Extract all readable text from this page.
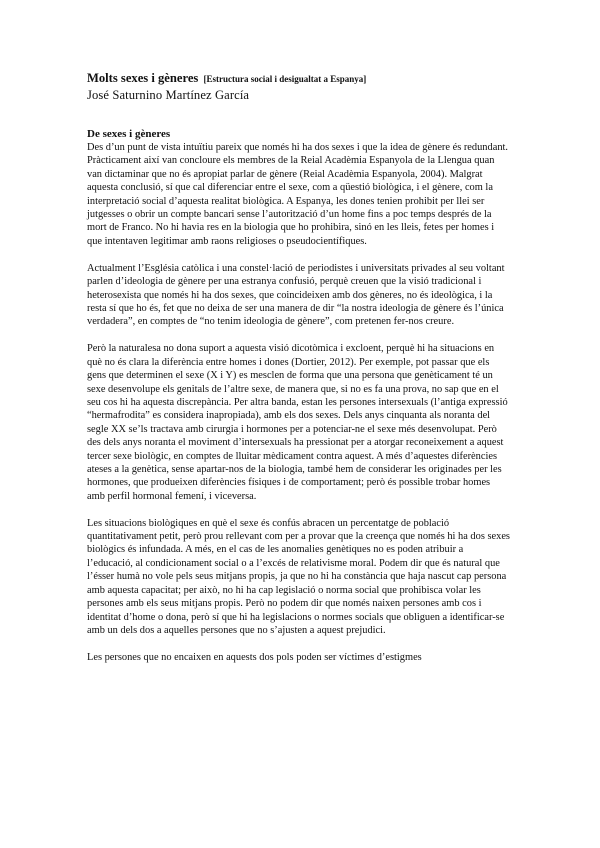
Molts sexes i gèneres [Estructura social i desigualtat a Espanya]
José Saturnino Martínez García
De sexes i gèneres

Des d’un punt de vista intuïtiu pareix que només hi ha dos sexes i que la idea de gènere és redundant. Pràcticament així van concloure els membres de la Reial Acadèmia Espanyola de la Llengua quan van dictaminar que no és apropiat parlar de gènere (Reial Acadèmia Espanyola, 2004). Malgrat aquesta conclusió, sí que cal diferenciar entre el sexe, com a qüestió biològica, i el gènere, com la interpretació social d’aquesta realitat biològica. A Espanya, les dones tenien prohibit per llei ser jutgesses o obrir un compte bancari sense l’autorització d’un home fins a poc temps després de la mort de Franco. No hi havia res en la biologia que ho prohibira, sinó en les lleis, fetes per homes i que intentaven legitimar amb raons religioses o pseudocientífiques.

Actualment l’Església catòlica i una constel·lació de periodistes i universitats privades al seu voltant parlen d’ideologia de gènere per una estranya confusió, perquè creuen que la visió tradicional i heterosexista que només hi ha dos sexes, que coincideixen amb dos gèneres, no és ideològica, i la resta sí que ho és, fet que no deixa de ser una manera de dir “la nostra ideologia de gènere és l’única verdadera”, en comptes de “no tenim ideologia de gènere”, com pretenen fer-nos creure.

Però la naturalesa no dona suport a aquesta visió dicotòmica i excloent, perquè hi ha situacions en què no és clara la diferència entre homes i dones (Dortier, 2012). Per exemple, pot passar que els gens que determinen el sexe (X i Y) es mesclen de forma que una persona que genèticament té un sexe desenvolupe els genitals de l’altre sexe, de manera que, si no es fa una prova, no sap que en el seu cos hi ha aquesta discrepància. Per altra banda, estan les persones intersexuals (l’antiga expressió “hermafrodita” es considera inapropiada), amb els dos sexes. Dels anys cinquanta als noranta del segle XX se’ls tractava amb cirurgia i hormones per a potenciar-ne el sexe més desenvolupat. Però des dels anys noranta el moviment d’intersexuals ha pressionat per a atorgar reconeixement a aquest tercer sexe biològic, en comptes de lluitar mèdicament contra aquest. A més d’aquestes diferències ateses a la genètica, sense apartar-nos de la biologia, també hem de considerar les originades per les hormones, que produeixen diferències físiques i de comportament; però és possible trobar homes amb perfil hormonal femení, i viceversa.

Les situacions biològiques en què el sexe és confús abracen un percentatge de població quantitativament petit, però prou rellevant com per a provar que la creença que només hi ha dos sexes biològics és infundada. A més, en el cas de les anomalies genètiques no es poden atribuir a l’educació, al condicionament social o a l’excés de relativisme moral. Podem dir que és natural que l’ésser humà no vole pels seus mitjans propis, ja que no hi ha constància que haja nascut cap persona amb aquesta capacitat; per això, no hi ha cap legislació o norma social que prohibisca volar les persones amb els seus mitjans propis. Però no podem dir que només naixen persones amb cos i identitat d’home o dona, però sí que hi ha legislacions o normes socials que obliguen a identificar-se amb un dels dos a aquelles persones que no s’ajusten a aquest prejudici.

Les persones que no encaixen en aquests dos pols poden ser víctimes d’estigmes
